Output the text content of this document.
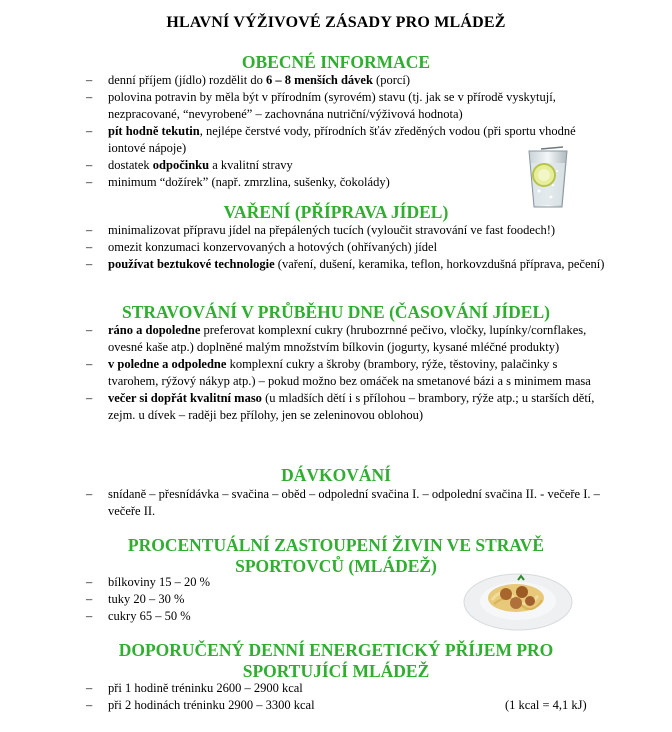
HLAVNÍ VÝŽIVOVÉ ZÁSADY PRO MLÁDEŽ
OBECNÉ INFORMACE
– denní příjem (jídlo) rozdělit do 6 – 8 menších dávek (porcí)
– polovina potravin by měla být v přírodním (syrovém) stavu (tj. jak se v přírodě vyskytují, nezpracované, “nevyrobené” – zachovnána nutriční/výživová hodnota)
– pít hodně tekutin, nejlépe čerstvé vody, přírodních šťáv zředěných vodou (při sportu vhodné iontové nápoje)
– dostatek odpočinku a kvalitní stravy
– minimum “dožírek” (např. zmrzlina, sušenky, čokolády)
VAŘENÍ (PŘÍPRAVA JÍDEL)
– minimalizovat přípravu jídel na přepálených tucích (vyloučit stravování ve fast foodech!)
– omezit konzumaci konzervovaných a hotových (ohřívaných) jídel
– používat beztukové technologie (vaření, dušení, keramika, teflon, horkovzdušná příprava, pečení)
STRAVOVÁNÍ V PRŮBĚHU DNE (ČASOVÁNÍ JÍDEL)
– ráno a dopoledne preferovat komplexní cukry (hrubozrnné pečivo, vločky, lupínky/cornflakes, ovesné kaše atp.) doplněné malým množstvím bílkovin (jogurty, kysané mléčné produkty)
– v poledne a odpoledne komplexní cukry a škroby (brambory, rýže, těstoviny, palačinky s tvarohem, rýžový nákyp atp.) – pokud možno bez omáček na smetanové bázi a s minimem masa
– večer si dopřát kvalitní maso (u mladších dětí i s přílohou – brambory, rýže atp.; u starších dětí, zejm. u dívek – raději bez přílohy, jen se zeleninovou oblohou)
DÁVKOVÁNÍ
– snídaně – přesnídávka – svačina – oběd – odpolední svačina I. – odpolední svačina II. - večeře I. – večeře II.
PROCENTUÁLNÍ ZASTOUPENÍ ŽIVIN VE STRAVĚ
SPORTOVCŮ (MLÁDEŽ)
– bílkoviny 15 – 20 %
– tuky 20 – 30 %
– cukry 65 – 50 %
DOPORUČENÝ DENNÍ ENERGETICKÝ PŘÍJEM PRO
SPORTUJÍCÍ MLÁDEŽ
– při 1 hodině tréninku 2600 – 2900 kcal
– při 2 hodinách tréninku 2900 – 3300 kcal	(1 kcal = 4,1 kJ)
